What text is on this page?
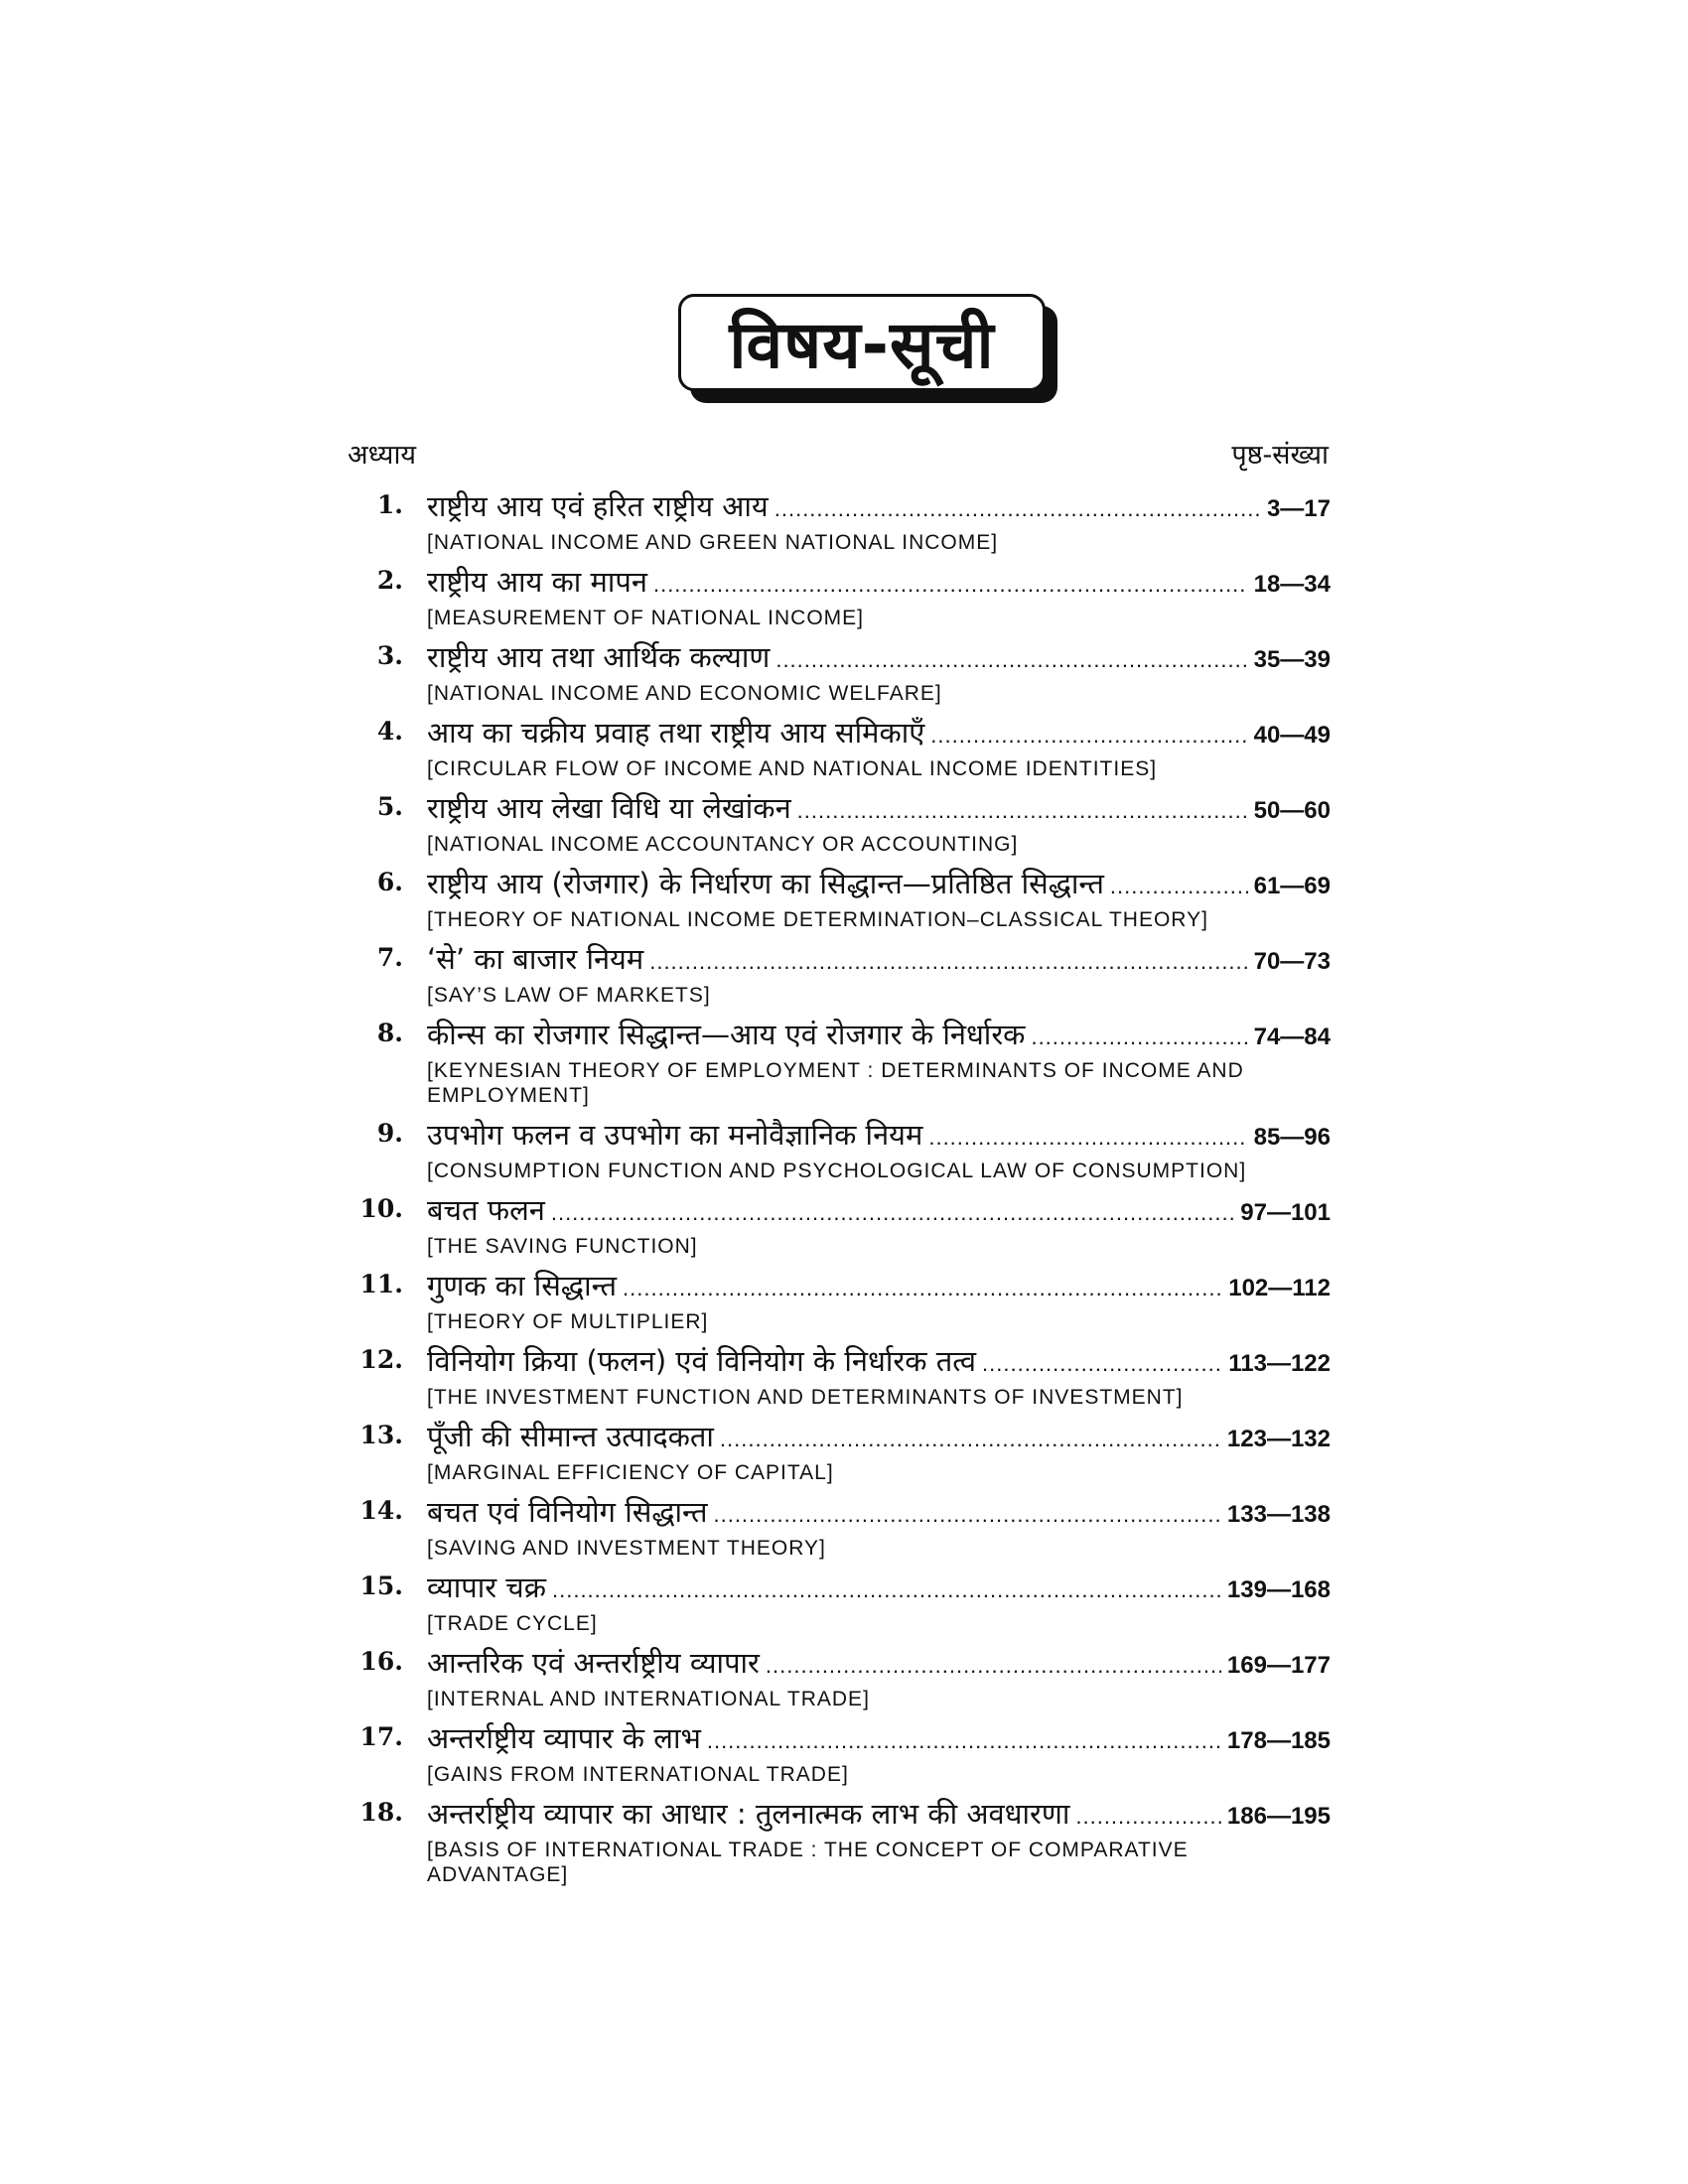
विषय-सूची
अध्याय	पृष्ठ-संख्या
1. राष्ट्रीय आय एवं हरित राष्ट्रीय आय .....	3—17
[NATIONAL INCOME AND GREEN NATIONAL INCOME]
2. राष्ट्रीय आय का मापन .....	18—34
[MEASUREMENT OF NATIONAL INCOME]
3. राष्ट्रीय आय तथा आर्थिक कल्याण .....	35—39
[NATIONAL INCOME AND ECONOMIC WELFARE]
4. आय का चक्रीय प्रवाह तथा राष्ट्रीय आय समिकाएँ .....	40—49
[CIRCULAR FLOW OF INCOME AND NATIONAL INCOME IDENTITIES]
5. राष्ट्रीय आय लेखा विधि या लेखांकन .....	50—60
[NATIONAL INCOME ACCOUNTANCY OR ACCOUNTING]
6. राष्ट्रीय आय (रोजगार) के निर्धारण का सिद्धान्त—प्रतिष्ठित सिद्धान्त .....	61—69
[THEORY OF NATIONAL INCOME DETERMINATION–CLASSICAL THEORY]
7. ‘से’ का बाजार नियम .....	70—73
[SAY’S LAW OF MARKETS]
8. कीन्स का रोजगार सिद्धान्त—आय एवं रोजगार के निर्धारक .....	74—84
[KEYNESIAN THEORY OF EMPLOYMENT : DETERMINANTS OF INCOME AND EMPLOYMENT]
9. उपभोग फलन व उपभोग का मनोवैज्ञानिक नियम .....	85—96
[CONSUMPTION FUNCTION AND PSYCHOLOGICAL LAW OF CONSUMPTION]
10. बचत फलन .....	97—101
[THE SAVING FUNCTION]
11. गुणक का सिद्धान्त .....	102—112
[THEORY OF MULTIPLIER]
12. विनियोग क्रिया (फलन) एवं विनियोग के निर्धारक तत्व .....	113—122
[THE INVESTMENT FUNCTION AND DETERMINANTS OF INVESTMENT]
13. पूँजी की सीमान्त उत्पादकता .....	123—132
[MARGINAL EFFICIENCY OF CAPITAL]
14. बचत एवं विनियोग सिद्धान्त .....	133—138
[SAVING AND INVESTMENT THEORY]
15. व्यापार चक्र .....	139—168
[TRADE CYCLE]
16. आन्तरिक एवं अन्तर्राष्ट्रीय व्यापार .....	169—177
[INTERNAL AND INTERNATIONAL TRADE]
17. अन्तर्राष्ट्रीय व्यापार के लाभ .....	178—185
[GAINS FROM INTERNATIONAL TRADE]
18. अन्तर्राष्ट्रीय व्यापार का आधार : तुलनात्मक लाभ की अवधारणा .....	186—195
[BASIS OF INTERNATIONAL TRADE : THE CONCEPT OF COMPARATIVE ADVANTAGE]
